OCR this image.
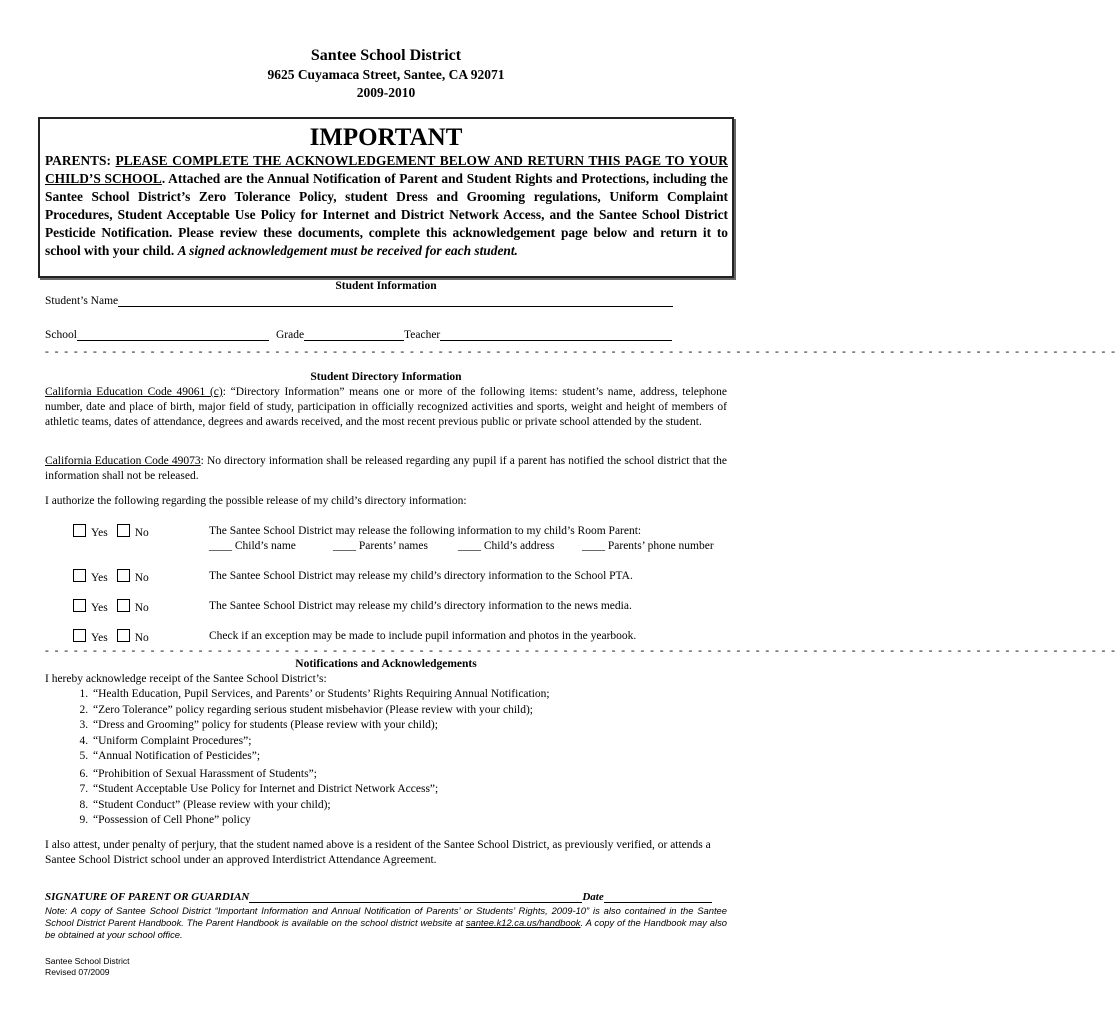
Santee School District
9625 Cuyamaca Street, Santee, CA 92071
2009-2010
IMPORTANT
PARENTS: PLEASE COMPLETE THE ACKNOWLEDGEMENT BELOW AND RETURN THIS PAGE TO YOUR CHILD’S SCHOOL. Attached are the Annual Notification of Parent and Student Rights and Protections, including the Santee School District’s Zero Tolerance Policy, student Dress and Grooming regulations, Uniform Complaint Procedures, Student Acceptable Use Policy for Internet and District Network Access, and the Santee School District Pesticide Notification. Please review these documents, complete this acknowledgement page below and return it to school with your child. A signed acknowledgement must be received for each student.
Student Information
Student’s Name
School	Grade	Teacher
- - - - - - - - - - - - - - - - - - - - - - - - - - - - - - - - - - - - - - - - - - - - - - - - - - - - - - - - - - - - - - - - - - - - - - - - - - - - - - - - - - - - - - - - - - - - - - - - - - - - - - - - - - - - - - - -
Student Directory Information
California Education Code 49061 (c): “Directory Information” means one or more of the following items: student’s name, address, telephone number, date and place of birth, major field of study, participation in officially recognized activities and sports, weight and height of members of athletic teams, dates of attendance, degrees and awards received, and the most recent previous public or private school attended by the student.
California Education Code 49073: No directory information shall be released regarding any pupil if a parent has notified the school district that the information shall not be released.
I authorize the following regarding the possible release of my child’s directory information:
Yes No	The Santee School District may release the following information to my child’s Room Parent:
____ Child’s name	____ Parents’ names	____ Child’s address	____ Parents’ phone number
Yes No	The Santee School District may release my child’s directory information to the School PTA.
Yes No	The Santee School District may release my child’s directory information to the news media.
Yes No	Check if an exception may be made to include pupil information and photos in the yearbook.
- - - - - - - - - - - - - - - - - - - - - - - - - - - - - - - - - - - - - - - - - - - - - - - - - - - - - - - - - - - - - - - - - - - - - - - - - - - - - - - - - - - - - - - - - - - - - - - - - - - - - - - - - - - - - - - -
Notifications and Acknowledgements
I hereby acknowledge receipt of the Santee School District’s:
1. “Health Education, Pupil Services, and Parents’ or Students’ Rights Requiring Annual Notification;
2. “Zero Tolerance” policy regarding serious student misbehavior (Please review with your child);
3. “Dress and Grooming” policy for students (Please review with your child);
4. “Uniform Complaint Procedures”;
5. “Annual Notification of Pesticides”;
6. “Prohibition of Sexual Harassment of Students”;
7. “Student Acceptable Use Policy for Internet and District Network Access”;
8. “Student Conduct” (Please review with your child);
9. “Possession of Cell Phone” policy
I also attest, under penalty of perjury, that the student named above is a resident of the Santee School District, as previously verified, or attends a Santee School District school under an approved Interdistrict Attendance Agreement.
SIGNATURE OF PARENT OR GUARDIAN	Date
Note: A copy of Santee School District “Important Information and Annual Notification of Parents’ or Students’ Rights, 2009-10” is also contained in the Santee School District Parent Handbook. The Parent Handbook is available on the school district website at santee.k12.ca.us/handbook. A copy of the Handbook may also be obtained at your school office.
Santee School District
Revised 07/2009
